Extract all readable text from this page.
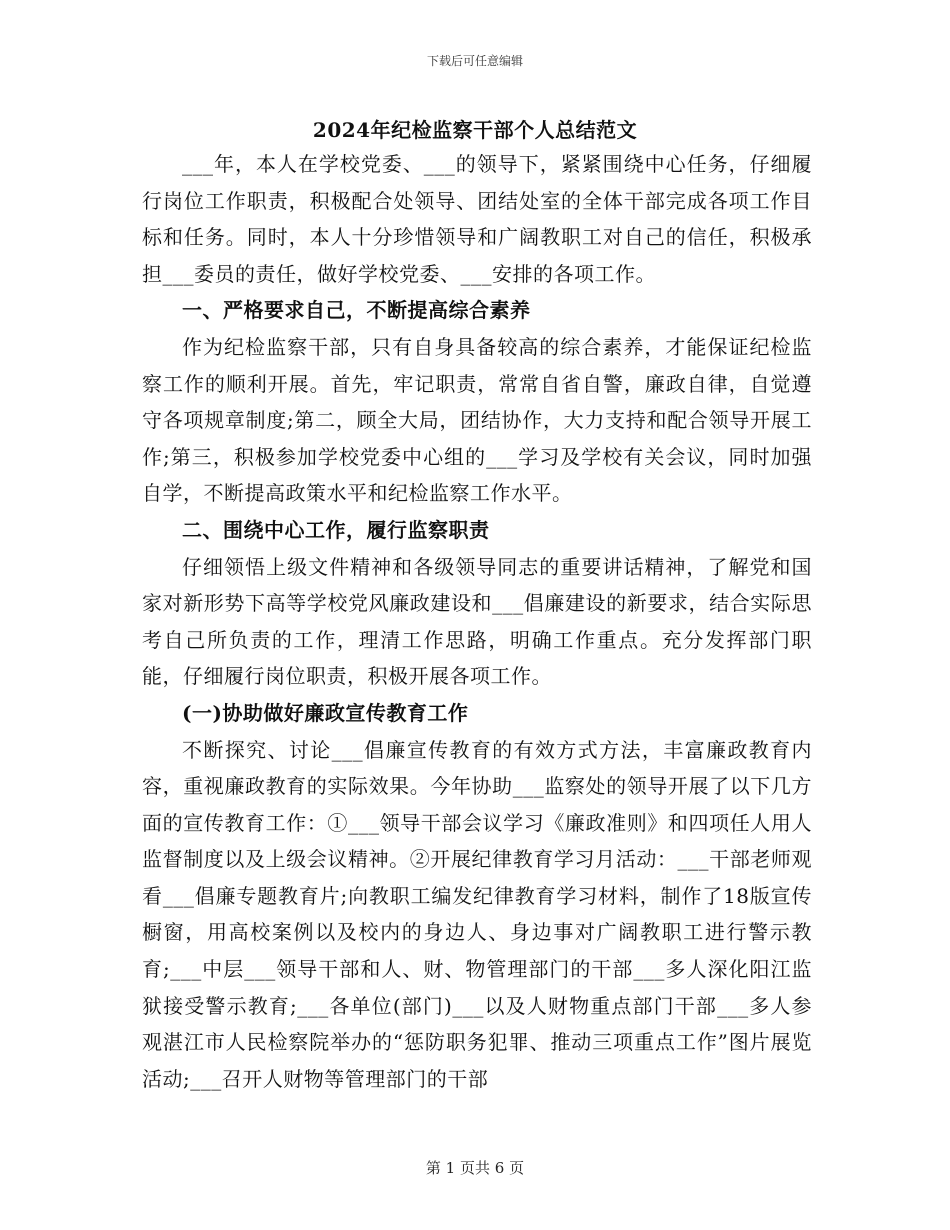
下载后可任意编辑
2024年纪检监察干部个人总结范文

___年，本人在学校党委、___的领导下，紧紧围绕中心任务，仔细履行岗位工作职责，积极配合处领导、团结处室的全体干部完成各项工作目标和任务。同时，本人十分珍惜领导和广阔教职工对自己的信任，积极承担___委员的责任，做好学校党委、___安排的各项工作。

一、严格要求自己，不断提高综合素养

作为纪检监察干部，只有自身具备较高的综合素养，才能保证纪检监察工作的顺利开展。首先，牢记职责，常常自省自警，廉政自律，自觉遵守各项规章制度;第二，顾全大局，团结协作，大力支持和配合领导开展工作;第三，积极参加学校党委中心组的___学习及学校有关会议，同时加强自学，不断提高政策水平和纪检监察工作水平。

二、围绕中心工作，履行监察职责

仔细领悟上级文件精神和各级领导同志的重要讲话精神，了解党和国家对新形势下高等学校党风廉政建设和___倡廉建设的新要求，结合实际思考自己所负责的工作，理清工作思路，明确工作重点。充分发挥部门职能，仔细履行岗位职责，积极开展各项工作。

(一)协助做好廉政宣传教育工作

不断探究、讨论___倡廉宣传教育的有效方式方法，丰富廉政教育内容，重视廉政教育的实际效果。今年协助___监察处的领导开展了以下几方面的宣传教育工作：①___领导干部会议学习《廉政准则》和四项任人用人监督制度以及上级会议精神。②开展纪律教育学习月活动：___干部老师观看___倡廉专题教育片;向教职工编发纪律教育学习材料，制作了18版宣传橱窗，用高校案例以及校内的身边人、身边事对广阔教职工进行警示教育;___中层___领导干部和人、财、物管理部门的干部___多人深化阳江监狱接受警示教育;___各单位(部门)___以及人财物重点部门干部___多人参观湛江市人民检察院举办的“惩防职务犯罪、推动三项重点工作”图片展览活动;___召开人财物等管理部门的干部

第 1 页共 6 页
